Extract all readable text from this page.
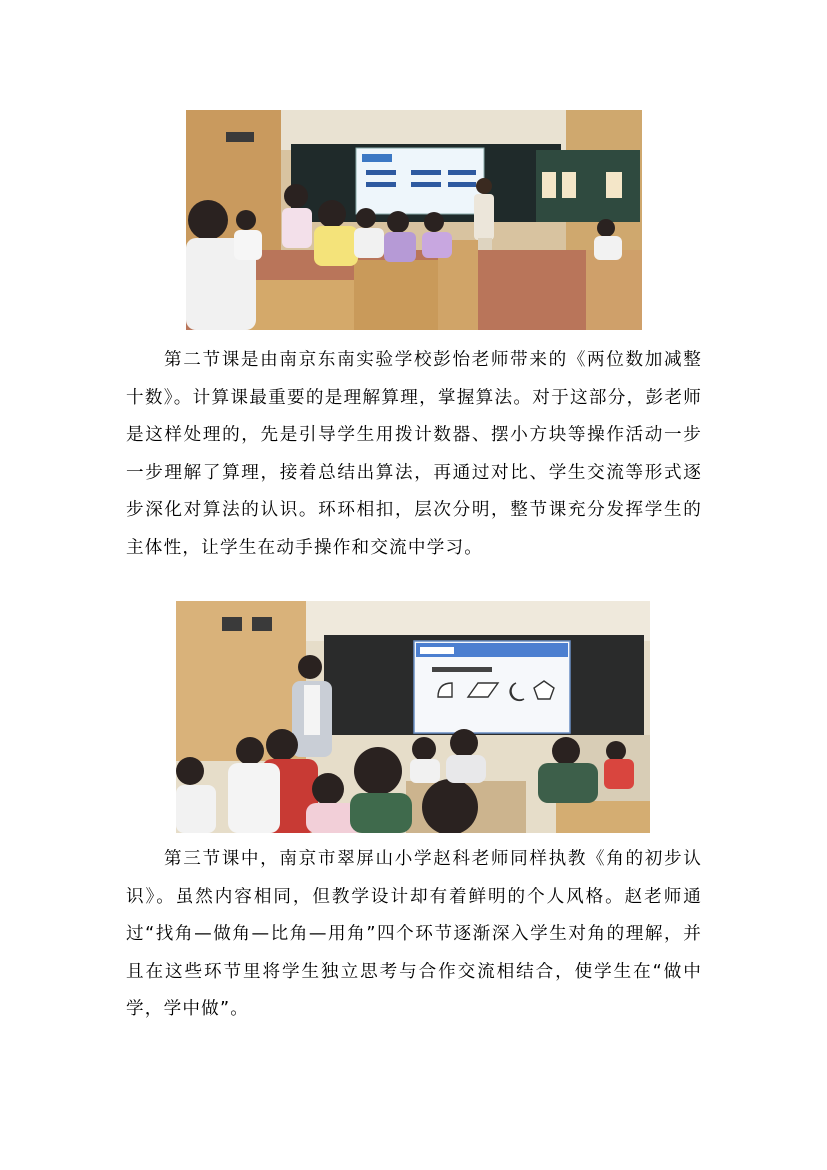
第二节课是由南京东南实验学校彭怡老师带来的《两位数加减整十数》。计算课最重要的是理解算理，掌握算法。对于这部分，彭老师是这样处理的，先是引导学生用拨计数器、摆小方块等操作活动一步一步理解了算理，接着总结出算法，再通过对比、学生交流等形式逐步深化对算法的认识。环环相扣，层次分明，整节课充分发挥学生的主体性，让学生在动手操作和交流中学习。

第三节课中，南京市翠屏山小学赵科老师同样执教《角的初步认识》。虽然内容相同，但教学设计却有着鲜明的个人风格。赵老师通过“找角—做角—比角—用角”四个环节逐渐深入学生对角的理解，并且在这些环节里将学生独立思考与合作交流相结合，使学生在“做中学，学中做”。
